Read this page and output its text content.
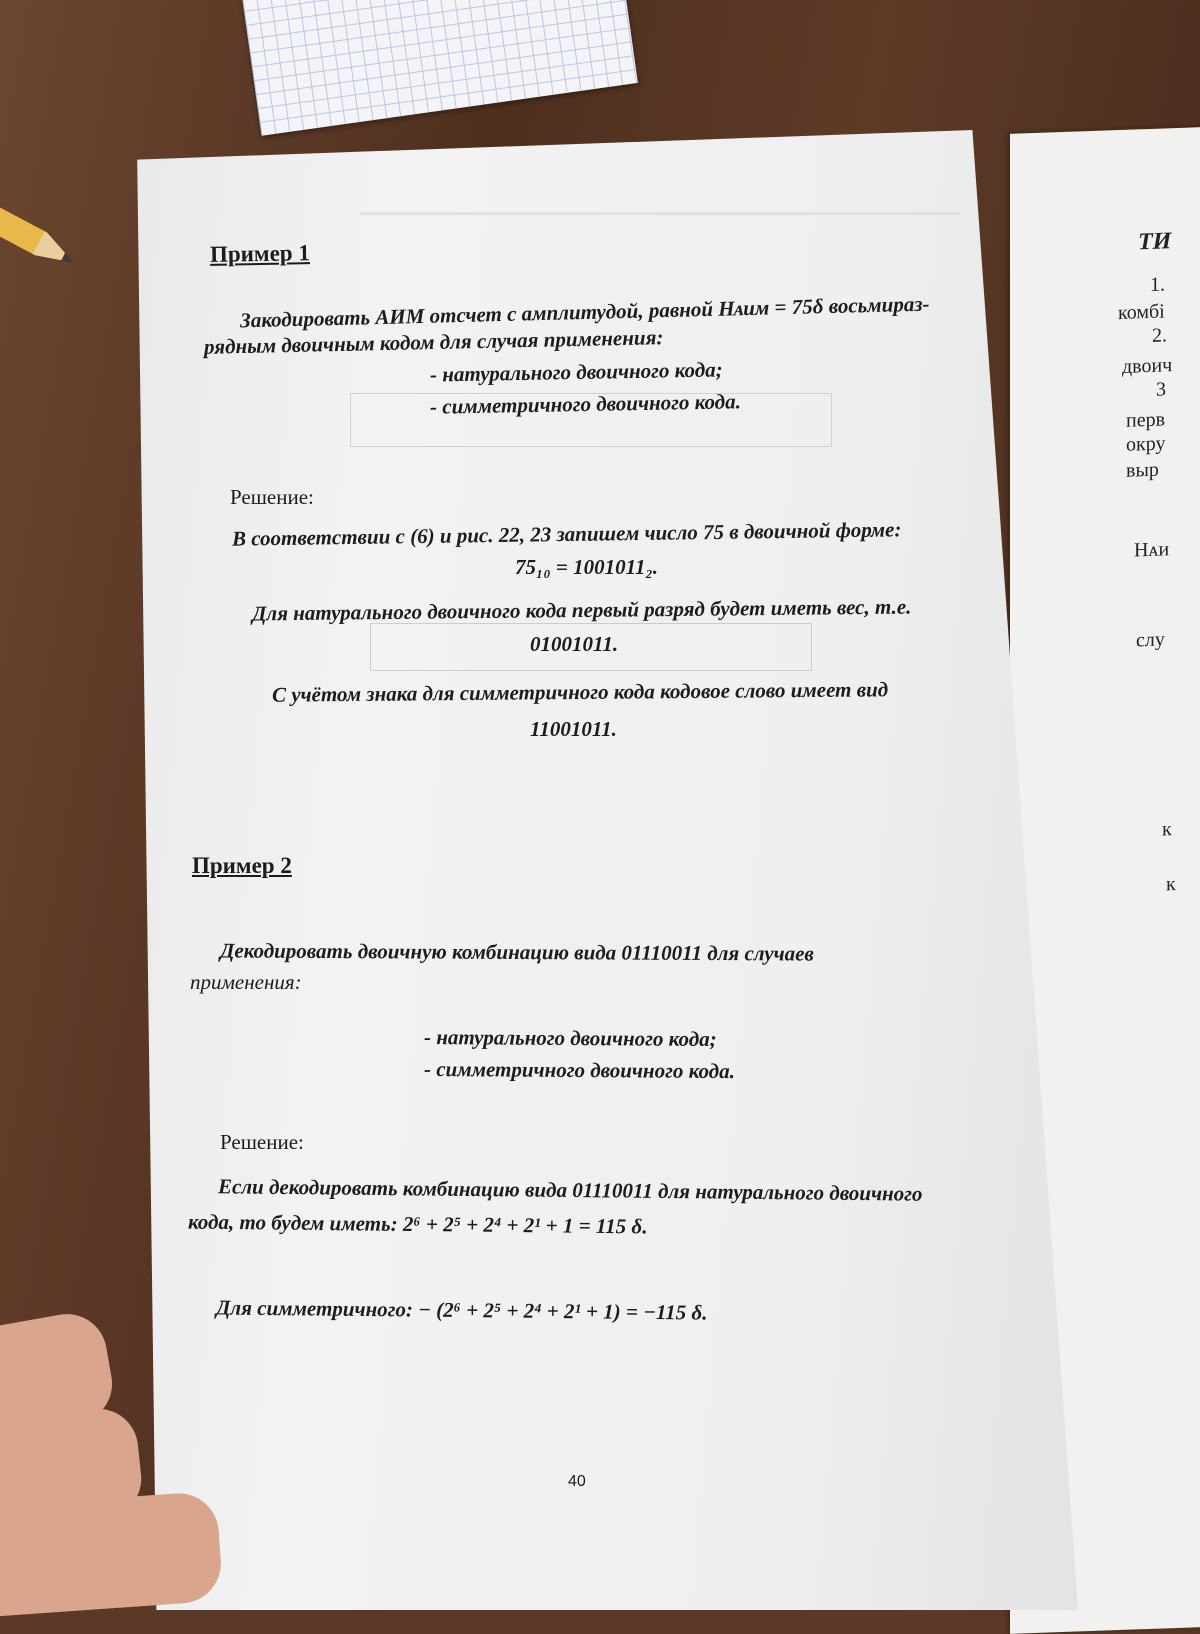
ТИ
1.
комбі
2.
двоич
3
перв
окру
выр
Hᴀи
слу
к
к
Пример 1
Закодировать АИМ отсчет с амплитудой, равной Hᴀим = 75δ восьмираз-
рядным двоичным кодом для случая применения:
- натурального двоичного кода;
- симметричного двоичного кода.
Решение:
В соответствии с (6) и рис. 22, 23 запишем число 75 в двоичной форме:
75₁₀ = 1001011₂.
Для натурального двоичного кода первый разряд будет иметь вес, т.е.
01001011.
С учётом знака для симметричного кода кодовое слово имеет вид
11001011.
Пример 2
Декодировать двоичную комбинацию вида 01110011 для случаев
применения:
- натурального двоичного кода;
- симметричного двоичного кода.
Решение:
Если декодировать комбинацию вида 01110011 для натурального двоичного
кода, то будем иметь: 2⁶ + 2⁵ + 2⁴ + 2¹ + 1 = 115 δ.
Для симметричного: − (2⁶ + 2⁵ + 2⁴ + 2¹ + 1) = −115 δ.
40
